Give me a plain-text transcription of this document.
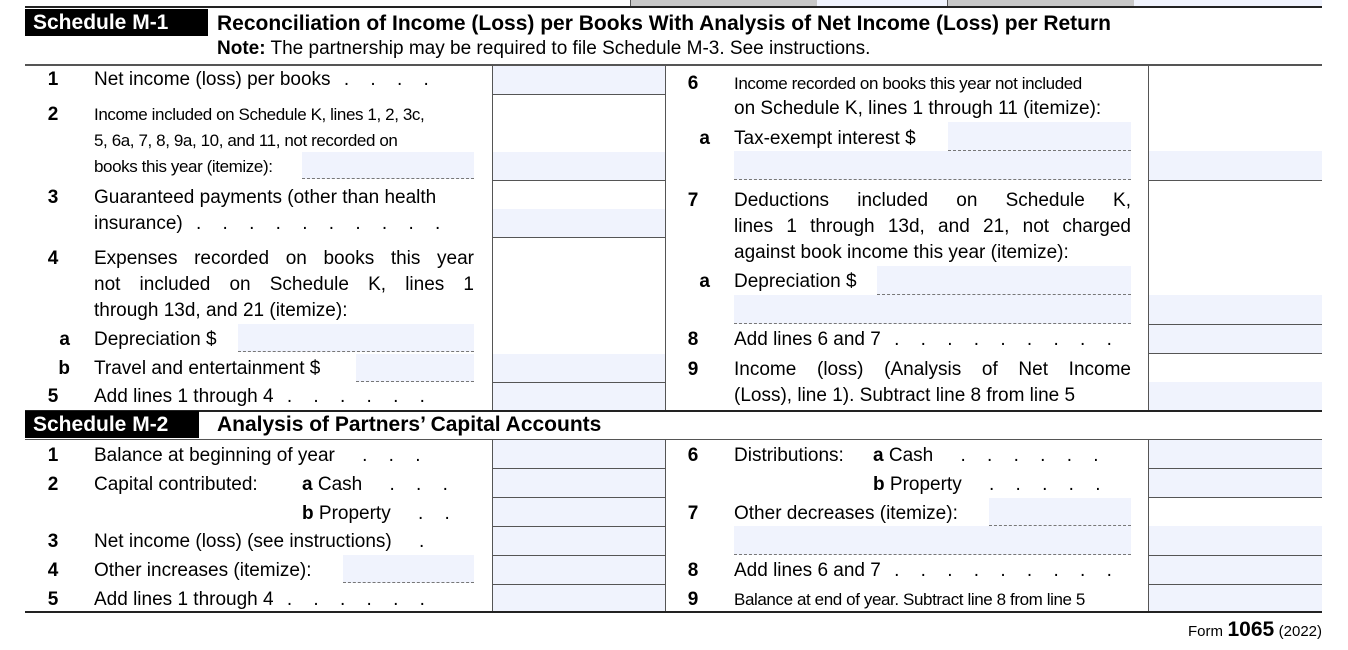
Schedule M-1	Reconciliation of Income (Loss) per Books With Analysis of Net Income (Loss) per Return
Note: The partnership may be required to file Schedule M-3. See instructions.
1	Net income (loss) per books . . . .
2	Income included on Schedule K, lines 1, 2, 3c,
5, 6a, 7, 8, 9a, 10, and 11, not recorded on
books this year (itemize):
3	Guaranteed payments (other than health
insurance) . . . . . . . . . .
4	Expenses recorded on books this year
not included on Schedule K, lines 1
through 13d, and 21 (itemize):
a Depreciation $
b Travel and entertainment $
5	Add lines 1 through 4 . . . . . .
6	Income recorded on books this year not included
on Schedule K, lines 1 through 11 (itemize):
a Tax-exempt interest $
7	Deductions included on Schedule K,
lines 1 through 13d, and 21, not charged
against book income this year (itemize):
a Depreciation $
8	Add lines 6 and 7 . . . . . . . . .
9	Income (loss) (Analysis of Net Income
(Loss), line 1). Subtract line 8 from line 5
Schedule M-2	Analysis of Partners’ Capital Accounts
1	Balance at beginning of year . . .
2	Capital contributed: a Cash . . .
b Property . .
3	Net income (loss) (see instructions) .
4	Other increases (itemize):
5	Add lines 1 through 4 . . . . . .
6	Distributions: a Cash . . . . . .
b Property . . . . .
7	Other decreases (itemize):
8	Add lines 6 and 7 . . . . . . . . .
9	Balance at end of year. Subtract line 8 from line 5
Form 1065 (2022)
